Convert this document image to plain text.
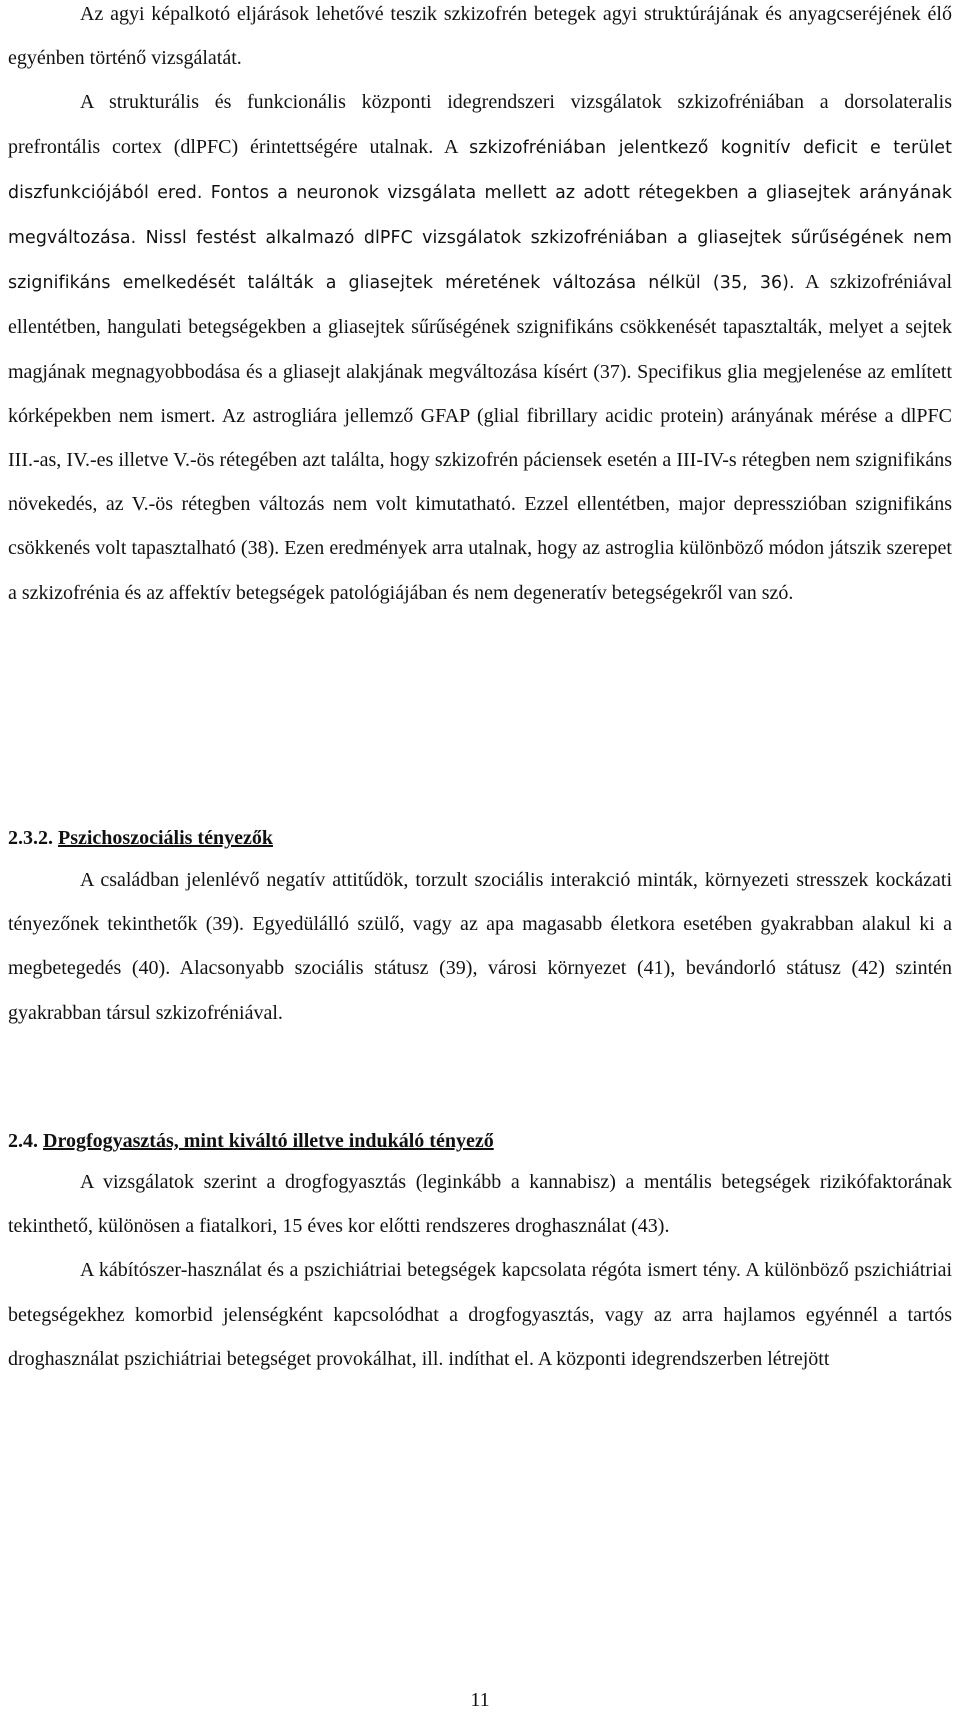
Az agyi képalkotó eljárások lehetővé teszik szkizofrén betegek agyi struktúrájának és anyagcseréjének élő egyénben történő vizsgálatát.

A strukturális és funkcionális központi idegrendszeri vizsgálatok szkizofréniában a dorsolateralis prefrontális cortex (dlPFC) érintettségére utalnak. A szkizofréniában jelentkező kognitív deficit e terület diszfunkciójából ered. Fontos a neuronok vizsgálata mellett az adott rétegekben a gliasejtek arányának megváltozása. Nissl festést alkalmazó dlPFC vizsgálatok szkizofréniában a gliasejtek sűrűségének nem szignifikáns emelkedését találták a gliasejtek méretének változása nélkül (35, 36). A szkizofréniával ellentétben, hangulati betegségekben a gliasejtek sűrűségének szignifikáns csökkenését tapasztalták, melyet a sejtek magjának megnagyobbodása és a gliasejt alakjának megváltozása kísért (37). Specifikus glia megjelenése az említett kórképekben nem ismert. Az astrogliára jellemző GFAP (glial fibrillary acidic protein) arányának mérése a dlPFC III.-as, IV.-es illetve V.-ös rétegében azt találta, hogy szkizofrén páciensek esetén a III-IV-s rétegben nem szignifikáns növekedés, az V.-ös rétegben változás nem volt kimutatható. Ezzel ellentétben, major depresszióban szignifikáns csökkenés volt tapasztalható (38). Ezen eredmények arra utalnak, hogy az astroglia különböző módon játszik szerepet a szkizofrénia és az affektív betegségek patológiájában és nem degeneratív betegségekről van szó.

2.3.2. Pszichoszociális tényezők

A családban jelenlévő negatív attitűdök, torzult szociális interakció minták, környezeti stresszek kockázati tényezőnek tekinthetők (39). Egyedülálló szülő, vagy az apa magasabb életkora esetében gyakrabban alakul ki a megbetegedés (40). Alacsonyabb szociális státusz (39), városi környezet (41), bevándorló státusz (42) szintén gyakrabban társul szkizofréniával.

2.4. Drogfogyasztás, mint kiváltó illetve indukáló tényező

A vizsgálatok szerint a drogfogyasztás (leginkább a kannabisz) a mentális betegségek rizikófaktorának tekinthető, különösen a fiatalkori, 15 éves kor előtti rendszeres droghasználat (43).

A kábítószer-használat és a pszichiátriai betegségek kapcsolata régóta ismert tény. A különböző pszichiátriai betegségekhez komorbid jelenségként kapcsolódhat a drogfogyasztás, vagy az arra hajlamos egyénnél a tartós droghasználat pszichiátriai betegséget provokálhat, ill. indíthat el. A központi idegrendszerben létrejött

11
